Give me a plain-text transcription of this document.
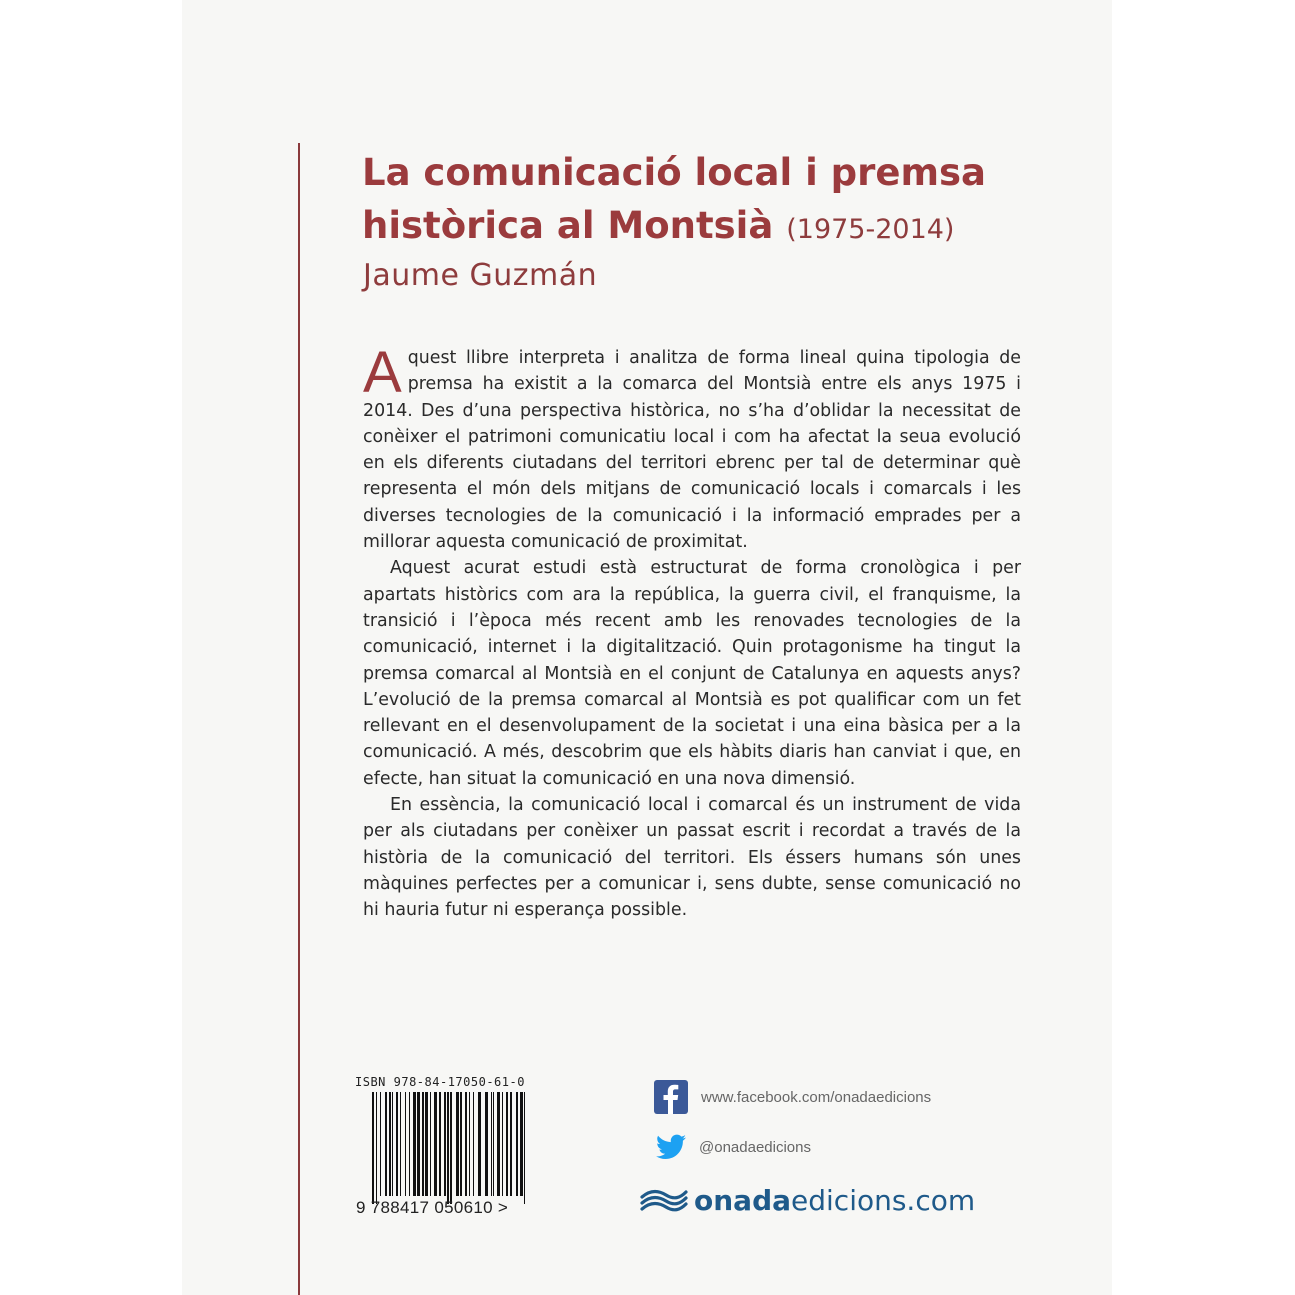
La comunicació local i premsa
històrica al Montsià (1975-2014)
Jaume Guzmán

Aquest llibre interpreta i analitza de forma lineal quina tipologia de premsa ha existit a la comarca del Montsià entre els anys 1975 i 2014. Des d’una perspectiva històrica, no s’ha d’oblidar la necessitat de conèixer el patrimoni comunicatiu local i com ha afectat la seua evolució en els diferents ciutadans del territori ebrenc per tal de determinar què representa el món dels mitjans de comunicació locals i comarcals i les diverses tecnologies de la comunicació i la informació emprades per a millorar aquesta comunicació de proximitat.

Aquest acurat estudi està estructurat de forma cronològica i per apartats històrics com ara la república, la guerra civil, el franquisme, la transició i l’època més recent amb les renovades tecnologies de la comunicació, internet i la digitalització. Quin protagonisme ha tingut la premsa comarcal al Montsià en el conjunt de Catalunya en aquests anys? L’evolució de la premsa comarcal al Montsià es pot qualificar com un fet rellevant en el desenvolupament de la societat i una eina bàsica per a la comunicació. A més, descobrim que els hàbits diaris han canviat i que, en efecte, han situat la comunicació en una nova dimensió.

En essència, la comunicació local i comarcal és un instrument de vida per als ciutadans per conèixer un passat escrit i recordat a través de la història de la comunicació del territori. Els éssers humans són unes màquines perfectes per a comunicar i, sens dubte, sense comunicació no hi hauria futur ni esperança possible.

ISBN 978-84-17050-61-0
9 788417 050610 >
www.facebook.com/onadaedicions
@onadaedicions
onadaedicions.com
